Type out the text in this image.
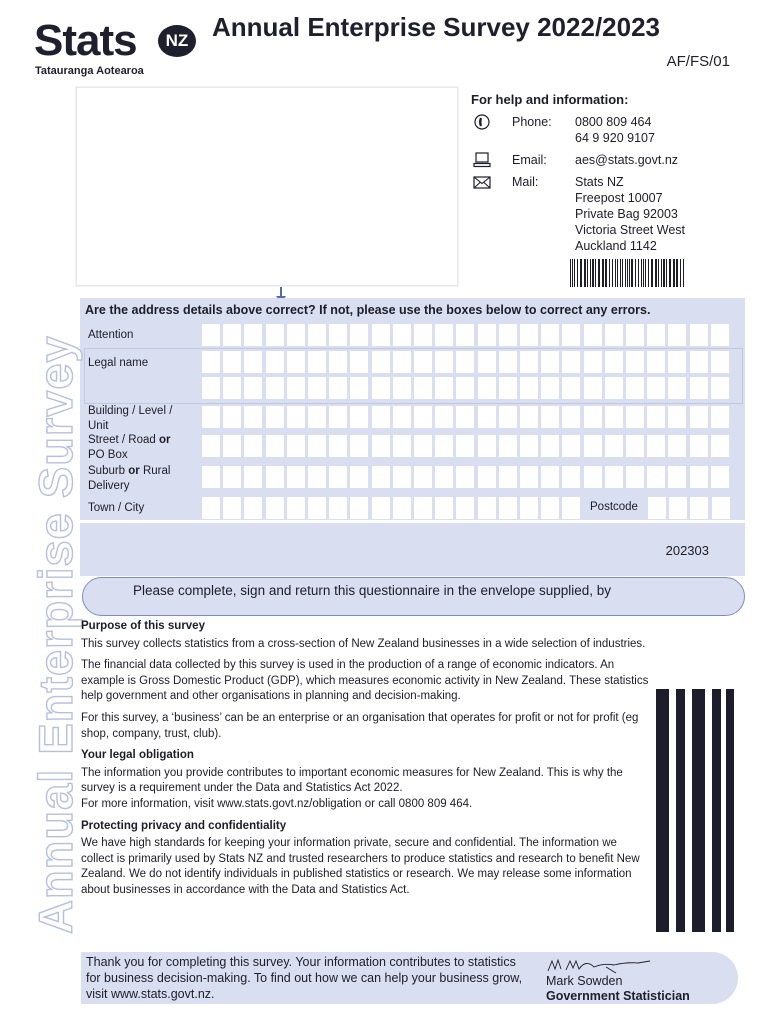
Stats	NZ
Tatauranga Aotearoa
Annual Enterprise Survey 2022/2023
AF/FS/01
For help and information:
Phone: 0800 809 464
64 9 920 9107
Email: aes@stats.govt.nz
Mail:	Stats NZ
Freepost 10007
Private Bag 92003
Victoria Street West
Auckland 1142
Are the address details above correct? If not, please use the boxes below to correct any errors.
Attention
Legal name
Building / Level /
Unit
Street / Road or
PO Box
Suburb or Rural
Delivery
Town / City	Postcode
202303
Please complete, sign and return this questionnaire in the envelope supplied, by
Annual Enterprise Survey Purpose of this survey

This survey collects statistics from a cross-section of New Zealand businesses in a wide selection of industries.

The financial data collected by this survey is used in the production of a range of economic indicators. An example is Gross Domestic Product (GDP), which measures economic activity in New Zealand. These statistics help government and other organisations in planning and decision-making.

For this survey, a ‘business’ can be an enterprise or an organisation that operates for profit or not for profit (eg shop, company, trust, club).

Your legal obligation

The information you provide contributes to important economic measures for New Zealand. This is why the survey is a requirement under the Data and Statistics Act 2022.

For more information, visit www.stats.govt.nz/obligation or call 0800 809 464.

Protecting privacy and confidentiality

We have high standards for keeping your information private, secure and confidential. The information we collect is primarily used by Stats NZ and trusted researchers to produce statistics and research to benefit New Zealand. We do not identify individuals in published statistics or research. We may release some information about businesses in accordance with the Data and Statistics Act.

Thank you for completing this survey. Your information contributes to statistics for business decision-making. To find out how we can help your business grow, visit www.stats.govt.nz.
Mark Sowden
Government Statistician
